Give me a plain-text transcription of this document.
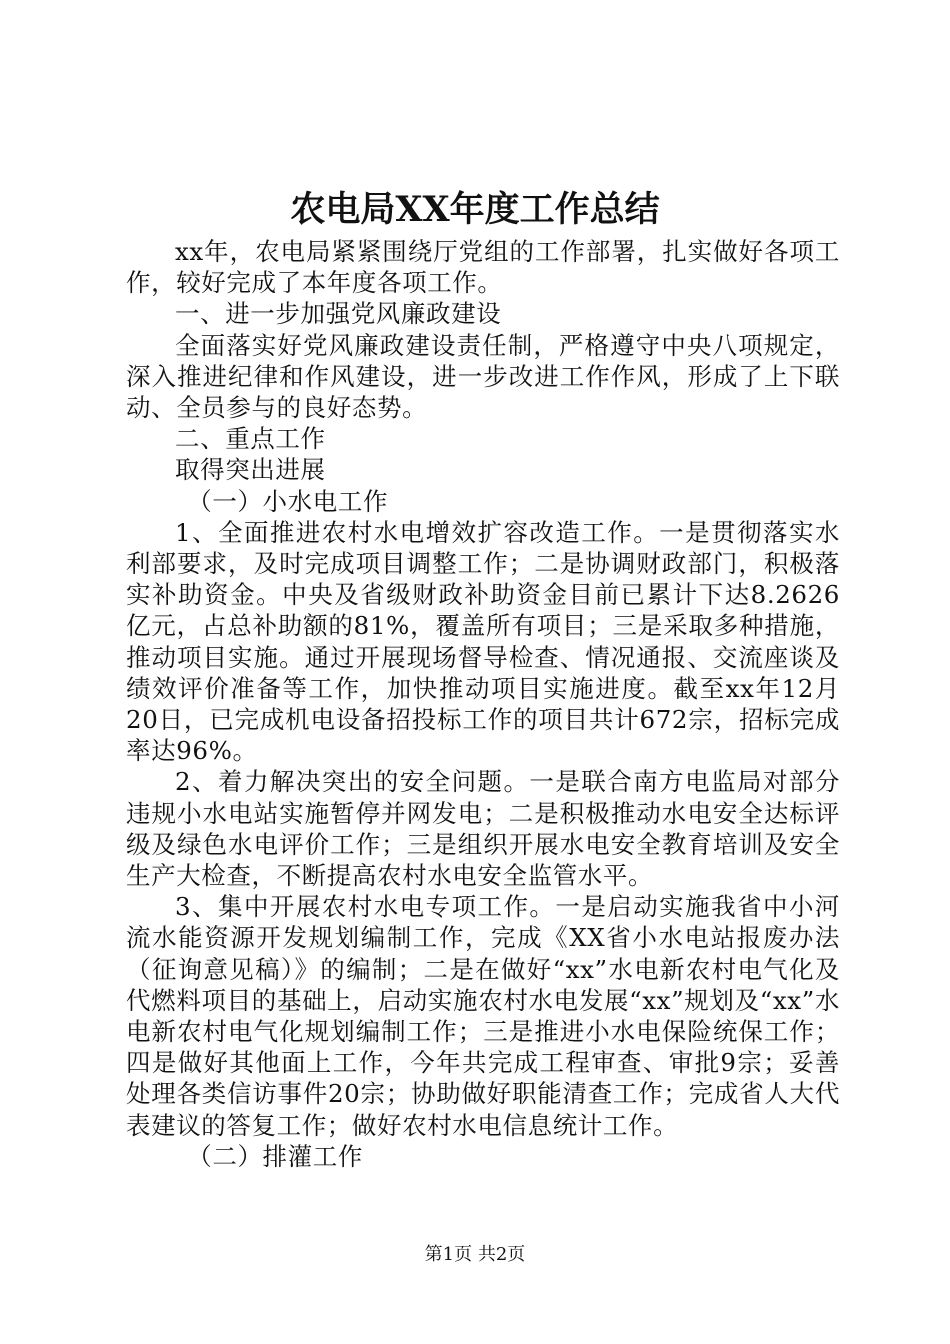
农电局XX年度工作总结

xx年，农电局紧紧围绕厅党组的工作部署，扎实做好各项工作，较好完成了本年度各项工作。

一、进一步加强党风廉政建设

全面落实好党风廉政建设责任制，严格遵守中央八项规定，深入推进纪律和作风建设，进一步改进工作作风，形成了上下联动、全员参与的良好态势。

二、重点工作

取得突出进展

（一）小水电工作

1、全面推进农村水电增效扩容改造工作。一是贯彻落实水利部要求，及时完成项目调整工作；二是协调财政部门，积极落实补助资金。中央及省级财政补助资金目前已累计下达8.2626亿元，占总补助额的81%，覆盖所有项目；三是采取多种措施，推动项目实施。通过开展现场督导检查、情况通报、交流座谈及绩效评价准备等工作，加快推动项目实施进度。截至xx年12月20日，已完成机电设备招投标工作的项目共计672宗，招标完成率达96%。

2、着力解决突出的安全问题。一是联合南方电监局对部分违规小水电站实施暂停并网发电；二是积极推动水电安全达标评级及绿色水电评价工作；三是组织开展水电安全教育培训及安全生产大检查，不断提高农村水电安全监管水平。

3、集中开展农村水电专项工作。一是启动实施我省中小河流水能资源开发规划编制工作，完成《XX省小水电站报废办法（征询意见稿）》的编制；二是在做好“xx”水电新农村电气化及代燃料项目的基础上，启动实施农村水电发展“xx”规划及“xx”水电新农村电气化规划编制工作；三是推进小水电保险统保工作；四是做好其他面上工作，今年共完成工程审查、审批9宗；妥善处理各类信访事件20宗；协助做好职能清查工作；完成省人大代表建议的答复工作；做好农村水电信息统计工作。

（二）排灌工作

第1页 共2页
